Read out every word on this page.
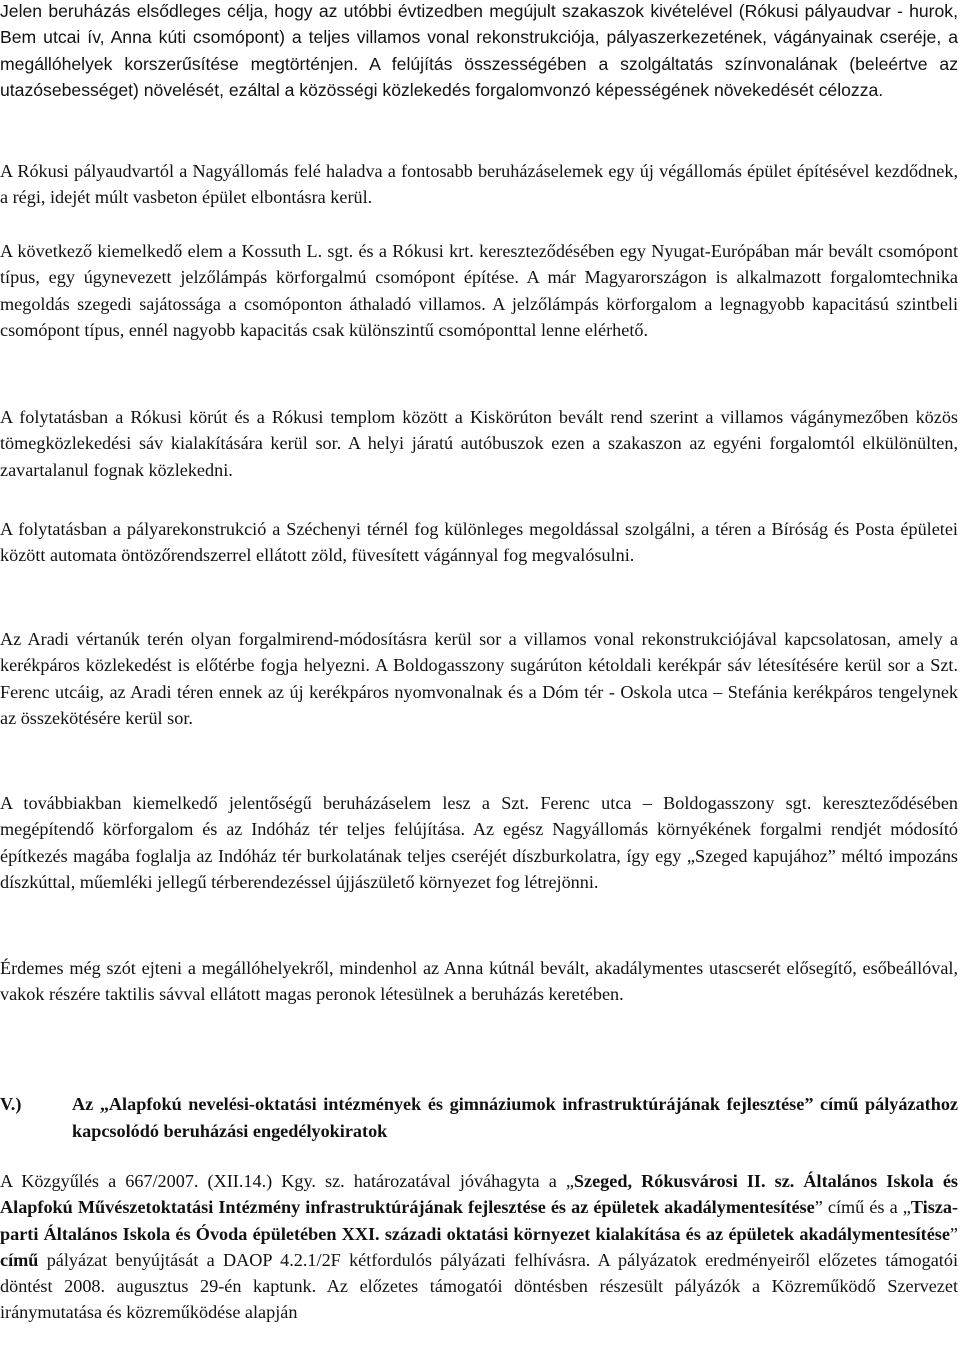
Jelen beruházás elsődleges célja, hogy az utóbbi évtizedben megújult szakaszok kivételével (Rókusi pályaudvar - hurok, Bem utcai ív, Anna kúti csomópont) a teljes villamos vonal rekonstrukciója, pályaszerkezetének, vágányainak cseréje, a megállóhelyek korszerűsítése megtörténjen. A felújítás összességében a szolgáltatás színvonalának (beleértve az utazósebességet) növelését, ezáltal a közösségi közlekedés forgalomvonzó képességének növekedését célozza.

A Rókusi pályaudvartól a Nagyállomás felé haladva a fontosabb beruházáselemek egy új végállomás épület építésével kezdődnek, a régi, idejét múlt vasbeton épület elbontásra kerül.

A következő kiemelkedő elem a Kossuth L. sgt. és a Rókusi krt. kereszteződésében egy Nyugat-Európában már bevált csomópont típus, egy úgynevezett jelzőlámpás körforgalmú csomópont építése. A már Magyarországon is alkalmazott forgalomtechnika megoldás szegedi sajátossága a csomóponton áthaladó villamos. A jelzőlámpás körforgalom a legnagyobb kapacitású szintbeli csomópont típus, ennél nagyobb kapacitás csak különszintű csomóponttal lenne elérhető.

A folytatásban a Rókusi körút és a Rókusi templom között a Kiskörúton bevált rend szerint a villamos vágánymezőben közös tömegközlekedési sáv kialakítására kerül sor. A helyi járatú autóbuszok ezen a szakaszon az egyéni forgalomtól elkülönülten, zavartalanul fognak közlekedni.

A folytatásban a pályarekonstrukció a Széchenyi térnél fog különleges megoldással szolgálni, a téren a Bíróság és Posta épületei között automata öntözőrendszerrel ellátott zöld, füvesített vágánnyal fog megvalósulni.

Az Aradi vértanúk terén olyan forgalmirend-módosításra kerül sor a villamos vonal rekonstrukciójával kapcsolatosan, amely a kerékpáros közlekedést is előtérbe fogja helyezni. A Boldogasszony sugárúton kétoldali kerékpár sáv létesítésére kerül sor a Szt. Ferenc utcáig, az Aradi téren ennek az új kerékpáros nyomvonalnak és a Dóm tér - Oskola utca – Stefánia kerékpáros tengelynek az összekötésére kerül sor.

A továbbiakban kiemelkedő jelentőségű beruházáselem lesz a Szt. Ferenc utca – Boldogasszony sgt. kereszteződésében megépítendő körforgalom és az Indóház tér teljes felújítása. Az egész Nagyállomás környékének forgalmi rendjét módosító építkezés magába foglalja az Indóház tér burkolatának teljes cseréjét díszburkolatra, így egy „Szeged kapujához” méltó impozáns díszkúttal, műemléki jellegű térberendezéssel újjászülető környezet fog létrejönni.

Érdemes még szót ejteni a megállóhelyekről, mindenhol az Anna kútnál bevált, akadálymentes utascserét elősegítő, esőbeállóval, vakok részére taktilis sávval ellátott magas peronok létesülnek a beruházás keretében.

V.)	Az „Alapfokú nevelési-oktatási intézmények és gimnáziumok infrastruktúrájának fejlesztése” című pályázathoz kapcsolódó beruházási engedélyokiratok

A Közgyűlés a 667/2007. (XII.14.) Kgy. sz. határozatával jóváhagyta a „Szeged, Rókusvárosi II. sz. Általános Iskola és Alapfokú Művészetoktatási Intézmény infrastruktúrájának fejlesztése és az épületek akadálymentesítése” című és a „Tisza-parti Általános Iskola és Óvoda épületében XXI. századi oktatási környezet kialakítása és az épületek akadálymentesítése” című pályázat benyújtását a DAOP 4.2.1/2F kétfordulós pályázati felhívásra. A pályázatok eredményeiről előzetes támogatói döntést 2008. augusztus 29-én kaptunk. Az előzetes támogatói döntésben részesült pályázók a Közreműködő Szervezet iránymutatása és közreműködése alapján
